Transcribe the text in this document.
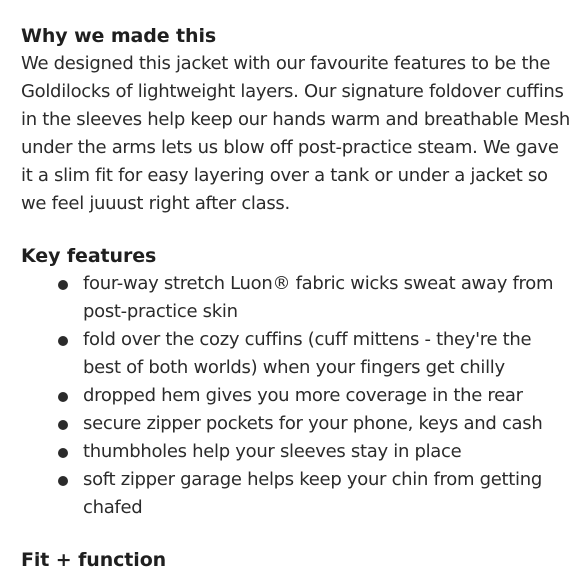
Why we made this

We designed this jacket with our favourite features to be the Goldilocks of lightweight layers. Our signature foldover cuffins in the sleeves help keep our hands warm and breathable Mesh under the arms lets us blow off post-practice steam. We gave it a slim fit for easy layering over a tank or under a jacket so we feel juuust right after class.

Key features
four-way stretch Luon® fabric wicks sweat away from post-practice skin
fold over the cozy cuffins (cuff mittens - they're the best of both worlds) when your fingers get chilly
dropped hem gives you more coverage in the rear
secure zipper pockets for your phone, keys and cash
thumbholes help your sleeves stay in place
soft zipper garage helps keep your chin from getting chafed
Fit + function
